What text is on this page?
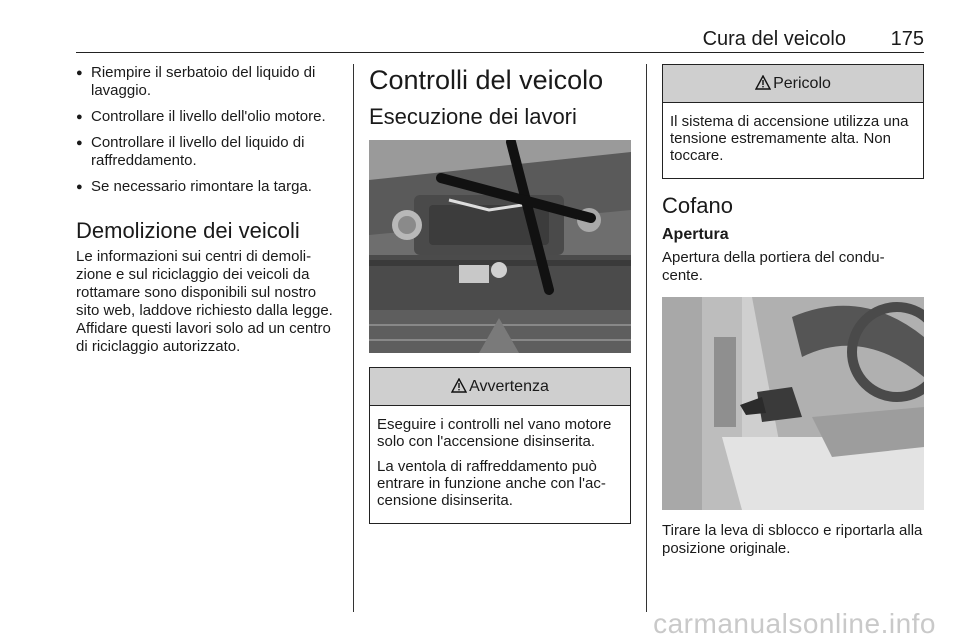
Cura del veicolo 175
● Riempire il serbatoio del liquido di lavaggio.
● Controllare il livello dell'olio motore.
● Controllare il livello del liquido di raffreddamento.
● Se necessario rimontare la targa.
Demolizione dei veicoli

Le informazioni sui centri di demoli-zione e sul riciclaggio dei veicoli da rottamare sono disponibili sul nostro sito web, laddove richiesto dalla legge. Affidare questi lavori solo ad un centro di riciclaggio autorizzato.

Controlli del veicolo
Esecuzione dei lavori
Avvertenza

Eseguire i controlli nel vano motore solo con l'accensione disinserita.

La ventola di raffreddamento può entrare in funzione anche con l'ac-censione disinserita.

Pericolo

Il sistema di accensione utilizza una tensione estremamente alta. Non toccare.

Cofano
Apertura

Apertura della portiera del condu-cente.

Tirare la leva di sblocco e riportarla alla posizione originale.

carmanualsonline.info
